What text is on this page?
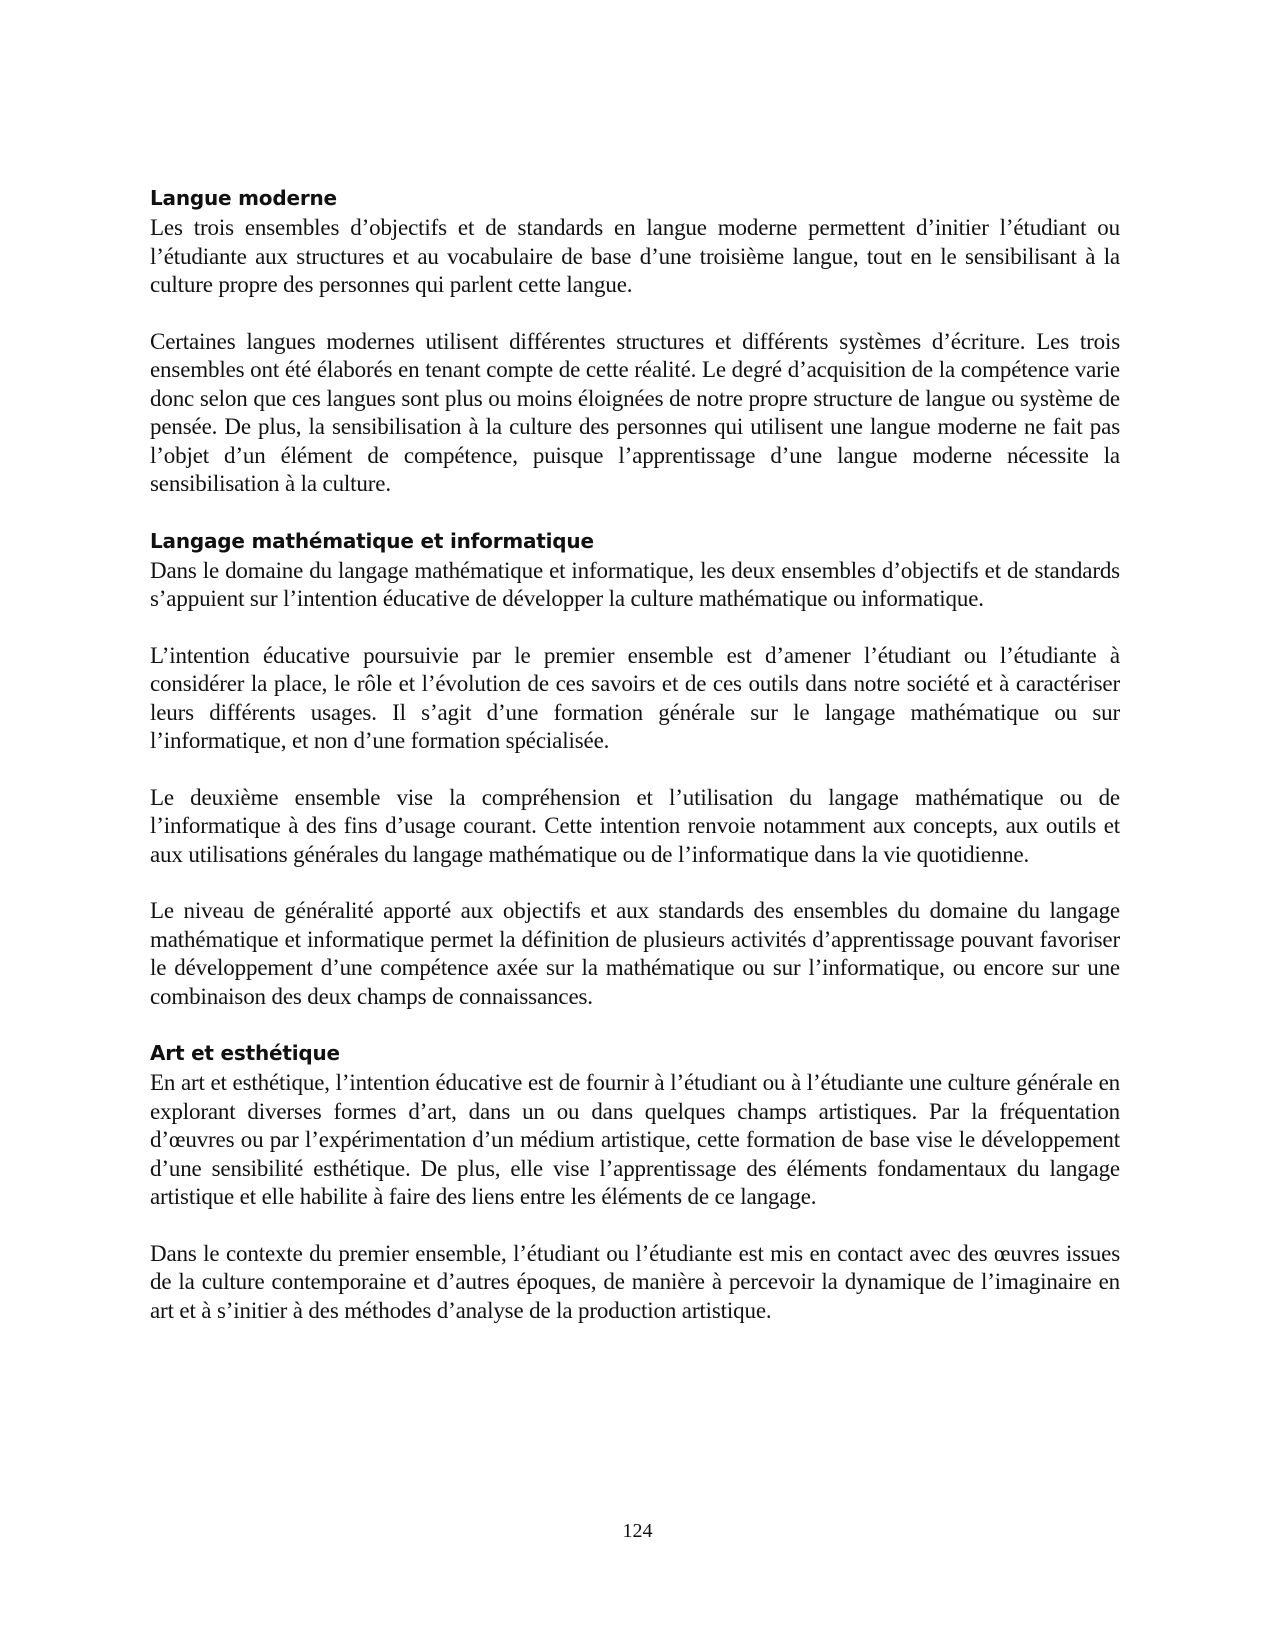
Langue moderne

Les trois ensembles d’objectifs et de standards en langue moderne permettent d’initier l’étudiant ou l’étudiante aux structures et au vocabulaire de base d’une troisième langue, tout en le sensibilisant à la culture propre des personnes qui parlent cette langue.

Certaines langues modernes utilisent différentes structures et différents systèmes d’écriture. Les trois ensembles ont été élaborés en tenant compte de cette réalité. Le degré d’acquisition de la compétence varie donc selon que ces langues sont plus ou moins éloignées de notre propre structure de langue ou système de pensée. De plus, la sensibilisation à la culture des personnes qui utilisent une langue moderne ne fait pas l’objet d’un élément de compétence, puisque l’apprentissage d’une langue moderne nécessite la sensibilisation à la culture.

Langage mathématique et informatique

Dans le domaine du langage mathématique et informatique, les deux ensembles d’objectifs et de standards s’appuient sur l’intention éducative de développer la culture mathématique ou informatique.

L’intention éducative poursuivie par le premier ensemble est d’amener l’étudiant ou l’étudiante à considérer la place, le rôle et l’évolution de ces savoirs et de ces outils dans notre société et à caractériser leurs différents usages. Il s’agit d’une formation générale sur le langage mathématique ou sur l’informatique, et non d’une formation spécialisée.

Le deuxième ensemble vise la compréhension et l’utilisation du langage mathématique ou de l’informatique à des fins d’usage courant. Cette intention renvoie notamment aux concepts, aux outils et aux utilisations générales du langage mathématique ou de l’informatique dans la vie quotidienne.

Le niveau de généralité apporté aux objectifs et aux standards des ensembles du domaine du langage mathématique et informatique permet la définition de plusieurs activités d’apprentissage pouvant favoriser le développement d’une compétence axée sur la mathématique ou sur l’informatique, ou encore sur une combinaison des deux champs de connaissances.

Art et esthétique

En art et esthétique, l’intention éducative est de fournir à l’étudiant ou à l’étudiante une culture générale en explorant diverses formes d’art, dans un ou dans quelques champs artistiques. Par la fréquentation d’œuvres ou par l’expérimentation d’un médium artistique, cette formation de base vise le développement d’une sensibilité esthétique. De plus, elle vise l’apprentissage des éléments fondamentaux du langage artistique et elle habilite à faire des liens entre les éléments de ce langage.

Dans le contexte du premier ensemble, l’étudiant ou l’étudiante est mis en contact avec des œuvres issues de la culture contemporaine et d’autres époques, de manière à percevoir la dynamique de l’imaginaire en art et à s’initier à des méthodes d’analyse de la production artistique.

124
